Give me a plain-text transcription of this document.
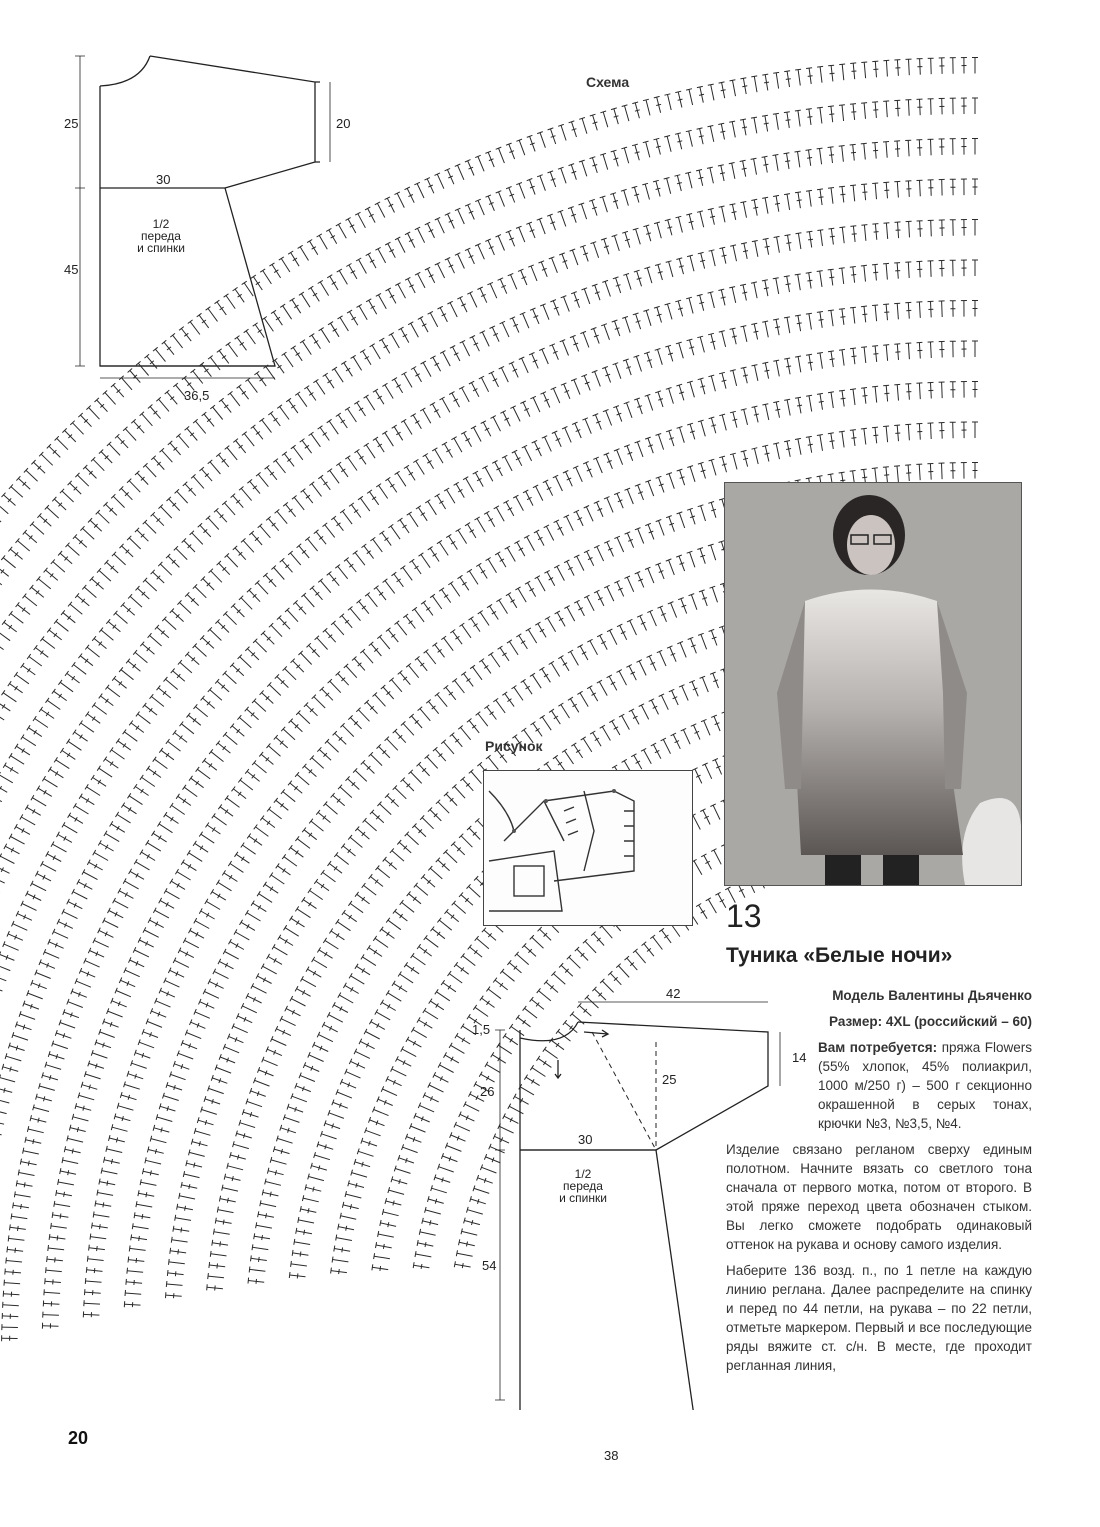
Схема
25	20
30
45
36,5
1/2
переда
и спинки
Рисунок
42
1,5
14
26
25
30
54
38
1/2
переда
и спинки
13
Туника «Белые ночи»

Модель Валентины Дьяченко

Размер: 4XL (российский – 60)

Вам потребуется: пряжа Flowers (55% хлопок, 45% полиакрил, 1000 м/250 г) – 500 г секционно окрашенной в серых тонах, крючки №3, №3,5, №4.

Изделие связано регланом сверху единым полотном. Начните вязать со светлого тона сначала от первого мотка, потом от второго. В этой пряже переход цвета обозначен стыком. Вы легко сможете подобрать одинаковый оттенок на рукава и основу самого изделия.

Наберите 136 возд. п., по 1 петле на каждую линию реглана. Далее распределите на спинку и перед по 44 петли, на рукава – по 22 петли, отметьте маркером. Первый и все последующие ряды вяжите ст. с/н. В месте, где проходит регланная линия,

20
